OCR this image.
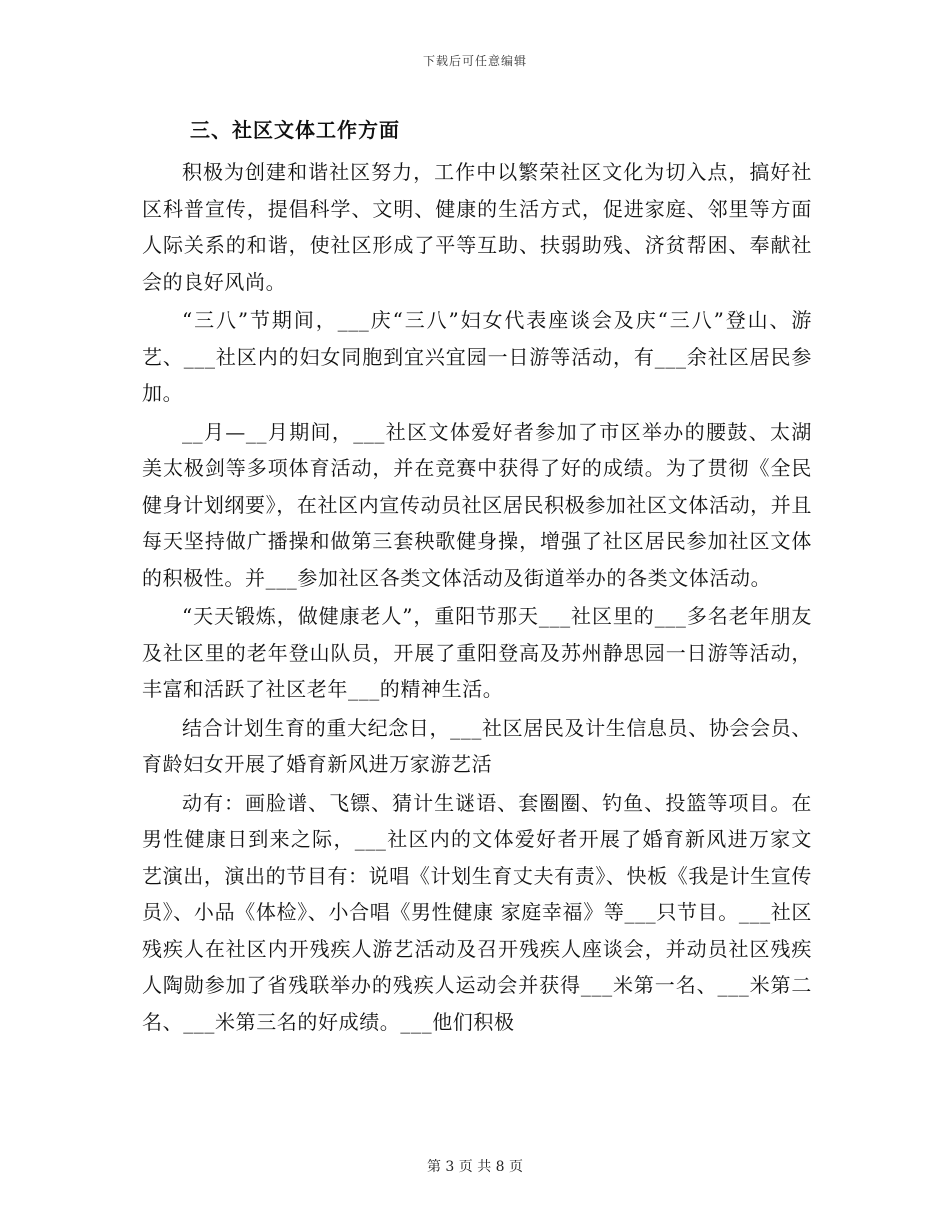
下载后可任意编辑
三、社区文体工作方面

积极为创建和谐社区努力，工作中以繁荣社区文化为切入点，搞好社区科普宣传，提倡科学、文明、健康的生活方式，促进家庭、邻里等方面人际关系的和谐，使社区形成了平等互助、扶弱助残、济贫帮困、奉献社会的良好风尚。

“三八”节期间，___庆“三八”妇女代表座谈会及庆“三八”登山、游艺、___社区内的妇女同胞到宜兴宜园一日游等活动，有___余社区居民参加。

__月—__月期间，___社区文体爱好者参加了市区举办的腰鼓、太湖美太极剑等多项体育活动，并在竞赛中获得了好的成绩。为了贯彻《全民健身计划纲要》，在社区内宣传动员社区居民积极参加社区文体活动，并且每天坚持做广播操和做第三套秧歌健身操，增强了社区居民参加社区文体的积极性。并___参加社区各类文体活动及街道举办的各类文体活动。

“天天锻炼，做健康老人”，重阳节那天___社区里的___多名老年朋友及社区里的老年登山队员，开展了重阳登高及苏州静思园一日游等活动，丰富和活跃了社区老年___的精神生活。

结合计划生育的重大纪念日，___社区居民及计生信息员、协会会员、育龄妇女开展了婚育新风进万家游艺活

动有：画脸谱、飞镖、猜计生谜语、套圈圈、钓鱼、投篮等项目。在男性健康日到来之际，___社区内的文体爱好者开展了婚育新风进万家文艺演出，演出的节目有：说唱《计划生育丈夫有责》、快板《我是计生宣传员》、小品《体检》、小合唱《男性健康 家庭幸福》等___只节目。___社区残疾人在社区内开残疾人游艺活动及召开残疾人座谈会，并动员社区残疾人陶勋参加了省残联举办的残疾人运动会并获得___米第一名、___米第二名、___米第三名的好成绩。___他们积极

第 3 页 共 8 页
